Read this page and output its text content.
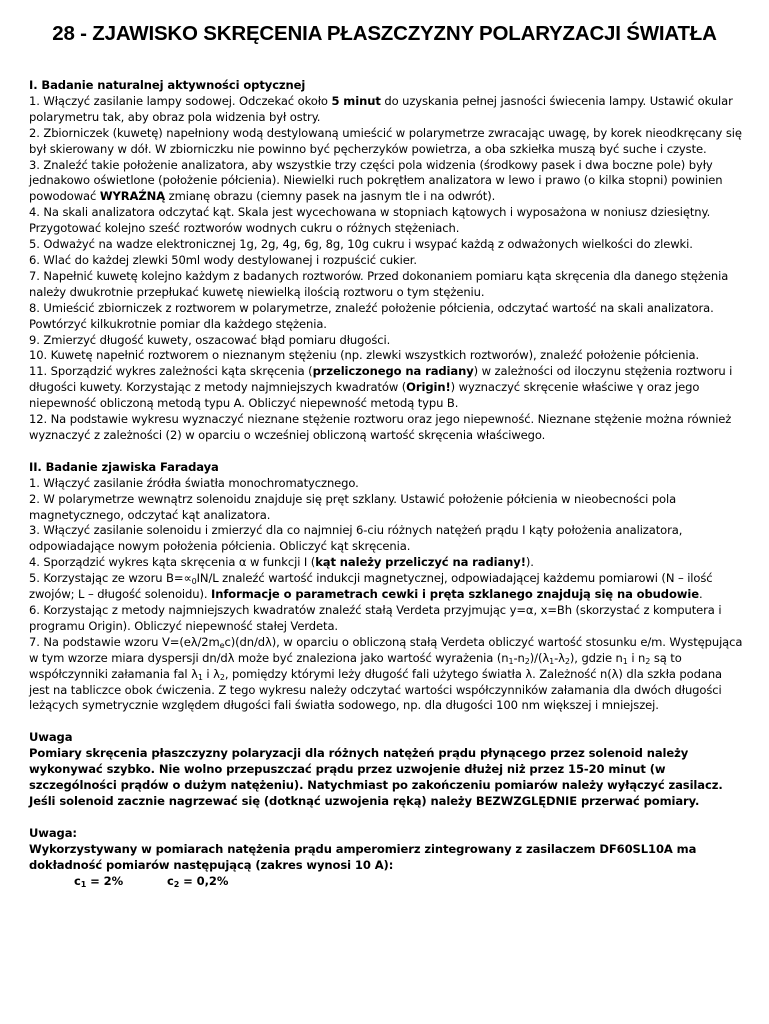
28 - ZJAWISKO SKRĘCENIA PŁASZCZYZNY POLARYZACJI ŚWIATŁA

I. Badanie naturalnej aktywności optycznej

1. Włączyć zasilanie lampy sodowej. Odczekać około 5 minut do uzyskania pełnej jasności świecenia lampy. Ustawić okular polarymetru tak, aby obraz pola widzenia był ostry.

2. Zbiorniczek (kuwetę) napełniony wodą destylowaną umieścić w polarymetrze zwracając uwagę, by korek nieodkręcany się był skierowany w dół. W zbiorniczku nie powinno być pęcherzyków powietrza, a oba szkiełka muszą być suche i czyste.

3. Znaleźć takie położenie analizatora, aby wszystkie trzy części pola widzenia (środkowy pasek i dwa boczne pole) były jednakowo oświetlone (położenie półcienia). Niewielki ruch pokrętłem analizatora w lewo i prawo (o kilka stopni) powinien powodować WYRAŹNĄ zmianę obrazu (ciemny pasek na jasnym tle i na odwrót).

4. Na skali analizatora odczytać kąt. Skala jest wycechowana w stopniach kątowych i wyposażona w noniusz dziesiętny. Przygotować kolejno sześć roztworów wodnych cukru o różnych stężeniach.

5. Odważyć na wadze elektronicznej 1g, 2g, 4g, 6g, 8g, 10g cukru i wsypać każdą z odważonych wielkości do zlewki.

6. Wlać do każdej zlewki 50ml wody destylowanej i rozpuścić cukier.

7. Napełnić kuwetę kolejno każdym z badanych roztworów. Przed dokonaniem pomiaru kąta skręcenia dla danego stężenia należy dwukrotnie przepłukać kuwetę niewielką ilością roztworu o tym stężeniu.

8. Umieścić zbiorniczek z roztworem w polarymetrze, znaleźć położenie półcienia, odczytać wartość na skali analizatora. Powtórzyć kilkukrotnie pomiar dla każdego stężenia.

9. Zmierzyć długość kuwety, oszacować błąd pomiaru długości.

10. Kuwetę napełnić roztworem o nieznanym stężeniu (np. zlewki wszystkich roztworów), znaleźć położenie półcienia.

11. Sporządzić wykres zależności kąta skręcenia (przeliczonego na radiany) w zależności od iloczynu stężenia roztworu i długości kuwety. Korzystając z metody najmniejszych kwadratów (Origin!) wyznaczyć skręcenie właściwe γ oraz jego niepewność obliczoną metodą typu A. Obliczyć niepewność metodą typu B.

12. Na podstawie wykresu wyznaczyć nieznane stężenie roztworu oraz jego niepewność. Nieznane stężenie można również wyznaczyć z zależności (2) w oparciu o wcześniej obliczoną wartość skręcenia właściwego.

II. Badanie zjawiska Faradaya

1. Włączyć zasilanie źródła światła monochromatycznego.

2. W polarymetrze wewnątrz solenoidu znajduje się pręt szklany. Ustawić położenie półcienia w nieobecności pola magnetycznego, odczytać kąt analizatora.

3. Włączyć zasilanie solenoidu i zmierzyć dla co najmniej 6-ciu różnych natężeń prądu I kąty położenia analizatora, odpowiadające nowym położenia półcienia. Obliczyć kąt skręcenia.

4. Sporządzić wykres kąta skręcenia α w funkcji I (kąt należy przeliczyć na radiany!).

5. Korzystając ze wzoru $B=\propto_0IN/L$ znaleźć wartość indukcji magnetycznej, odpowiadającej każdemu pomiarowi (N – ilość zwojów; L – długość solenoidu). Informacje o parametrach cewki i pręta szklanego znajdują się na obudowie.

6. Korzystając z metody najmniejszych kwadratów znaleźć stałą Verdeta przyjmując y=α, x=Bh (skorzystać z komputera i programu Origin). Obliczyć niepewność stałej Verdeta.

7. Na podstawie wzoru $V=(e\lambda/2m_ec)(dn/d\lambda)$, w oparciu o obliczoną stałą Verdeta obliczyć wartość stosunku e/m. Występująca w tym wzorze miara dyspersji dn/dλ może być znaleziona jako wartość wyrażenia $(n_1-n_2)/(\lambda_1-\lambda_2)$, gdzie $n_1$ i $n_2$ są to współczynniki załamania fal $\lambda_1$ i $\lambda_2$, pomiędzy którymi leży długość fali użytego światła λ. Zależność n(λ) dla szkła podana jest na tabliczce obok ćwiczenia. Z tego wykresu należy odczytać wartości współczynników załamania dla dwóch długości leżących symetrycznie względem długości fali światła sodowego, np. dla długości 100 nm większej i mniejszej.

Uwaga

Pomiary skręcenia płaszczyzny polaryzacji dla różnych natężeń prądu płynącego przez solenoid należy wykonywać szybko. Nie wolno przepuszczać prądu przez uzwojenie dłużej niż przez 15-20 minut (w szczególności prądów o dużym natężeniu). Natychmiast po zakończeniu pomiarów należy wyłączyć zasilacz. Jeśli solenoid zacznie nagrzewać się (dotknąć uzwojenia ręką) należy BEZWZGLĘDNIE przerwać pomiary.

Uwaga:

Wykorzystywany w pomiarach natężenia prądu amperomierz zintegrowany z zasilaczem DF60SL10A ma dokładność pomiarów następującą (zakres wynosi 10 A):

$c_1 = 2\%$	$c_2 = 0,2\%$
